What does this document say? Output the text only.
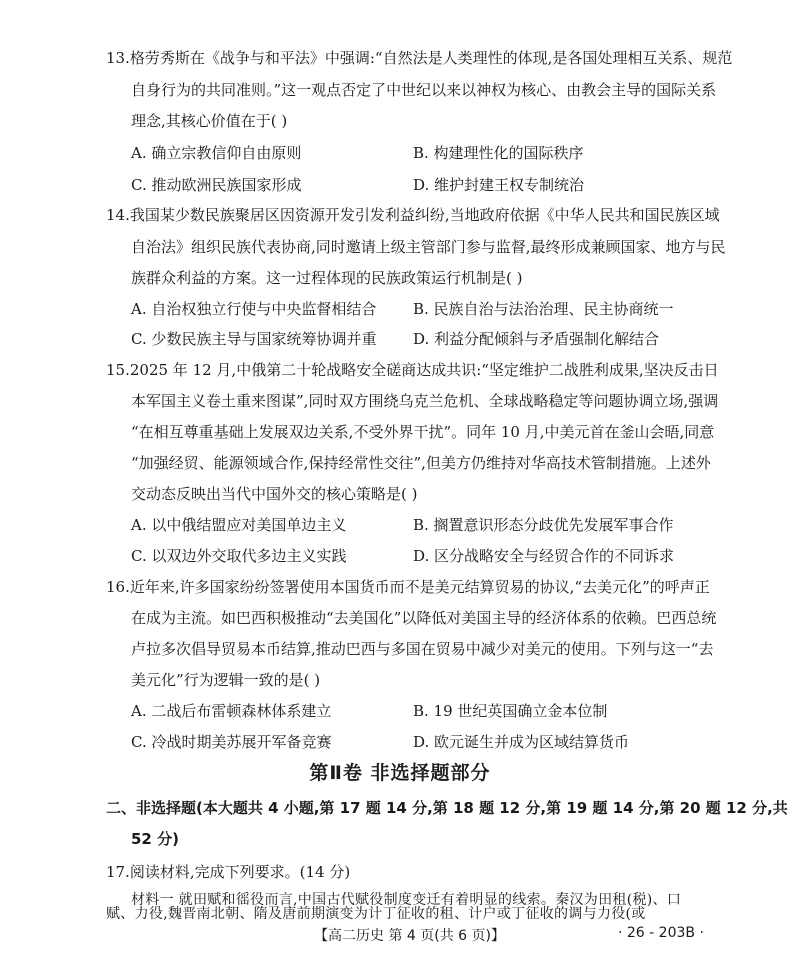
13.格劳秀斯在《战争与和平法》中强调:“自然法是人类理性的体现,是各国处理相互关系、规范
自身行为的共同准则。”这一观点否定了中世纪以来以神权为核心、由教会主导的国际关系
理念,其核心价值在于( )
A. 确立宗教信仰自由原则	B. 构建理性化的国际秩序
C. 推动欧洲民族国家形成	D. 维护封建王权专制统治
14.我国某少数民族聚居区因资源开发引发利益纠纷,当地政府依据《中华人民共和国民族区域
自治法》组织民族代表协商,同时邀请上级主管部门参与监督,最终形成兼顾国家、地方与民
族群众利益的方案。这一过程体现的民族政策运行机制是( )
A. 自治权独立行使与中央监督相结合 B. 民族自治与法治治理、民主协商统一
C. 少数民族主导与国家统筹协调并重 D. 利益分配倾斜与矛盾强制化解结合
15.2025 年 12 月,中俄第二十轮战略安全磋商达成共识:“坚定维护二战胜利成果,坚决反击日
本军国主义卷土重来图谋”,同时双方围绕乌克兰危机、全球战略稳定等问题协调立场,强调
“在相互尊重基础上发展双边关系,不受外界干扰”。同年 10 月,中美元首在釜山会晤,同意
“加强经贸、能源领域合作,保持经常性交往”,但美方仍维持对华高技术管制措施。上述外
交动态反映出当代中国外交的核心策略是( )
A. 以中俄结盟应对美国单边主义	B. 搁置意识形态分歧优先发展军事合作
C. 以双边外交取代多边主义实践	D. 区分战略安全与经贸合作的不同诉求
16.近年来,许多国家纷纷签署使用本国货币而不是美元结算贸易的协议,“去美元化”的呼声正
在成为主流。如巴西积极推动“去美国化”以降低对美国主导的经济体系的依赖。巴西总统
卢拉多次倡导贸易本币结算,推动巴西与多国在贸易中减少对美元的使用。下列与这一“去
美元化”行为逻辑一致的是( )
A. 二战后布雷顿森林体系建立	B. 19 世纪英国确立金本位制
C. 冷战时期美苏展开军备竞赛	D. 欧元诞生并成为区域结算货币
第Ⅱ卷 非选择题部分
二、非选择题(本大题共 4 小题,第 17 题 14 分,第 18 题 12 分,第 19 题 14 分,第 20 题 12 分,共
52 分)
17.阅读材料,完成下列要求。(14 分)
材料一 就田赋和徭役而言,中国古代赋役制度变迁有着明显的线索。秦汉为田租(税)、口
【高二历史 第 4 页(共 6 页)】	· 26 - 203B ·
赋、力役,魏晋南北朝、隋及唐前期演变为计丁征收的租、计户或丁征收的调与力役(或
